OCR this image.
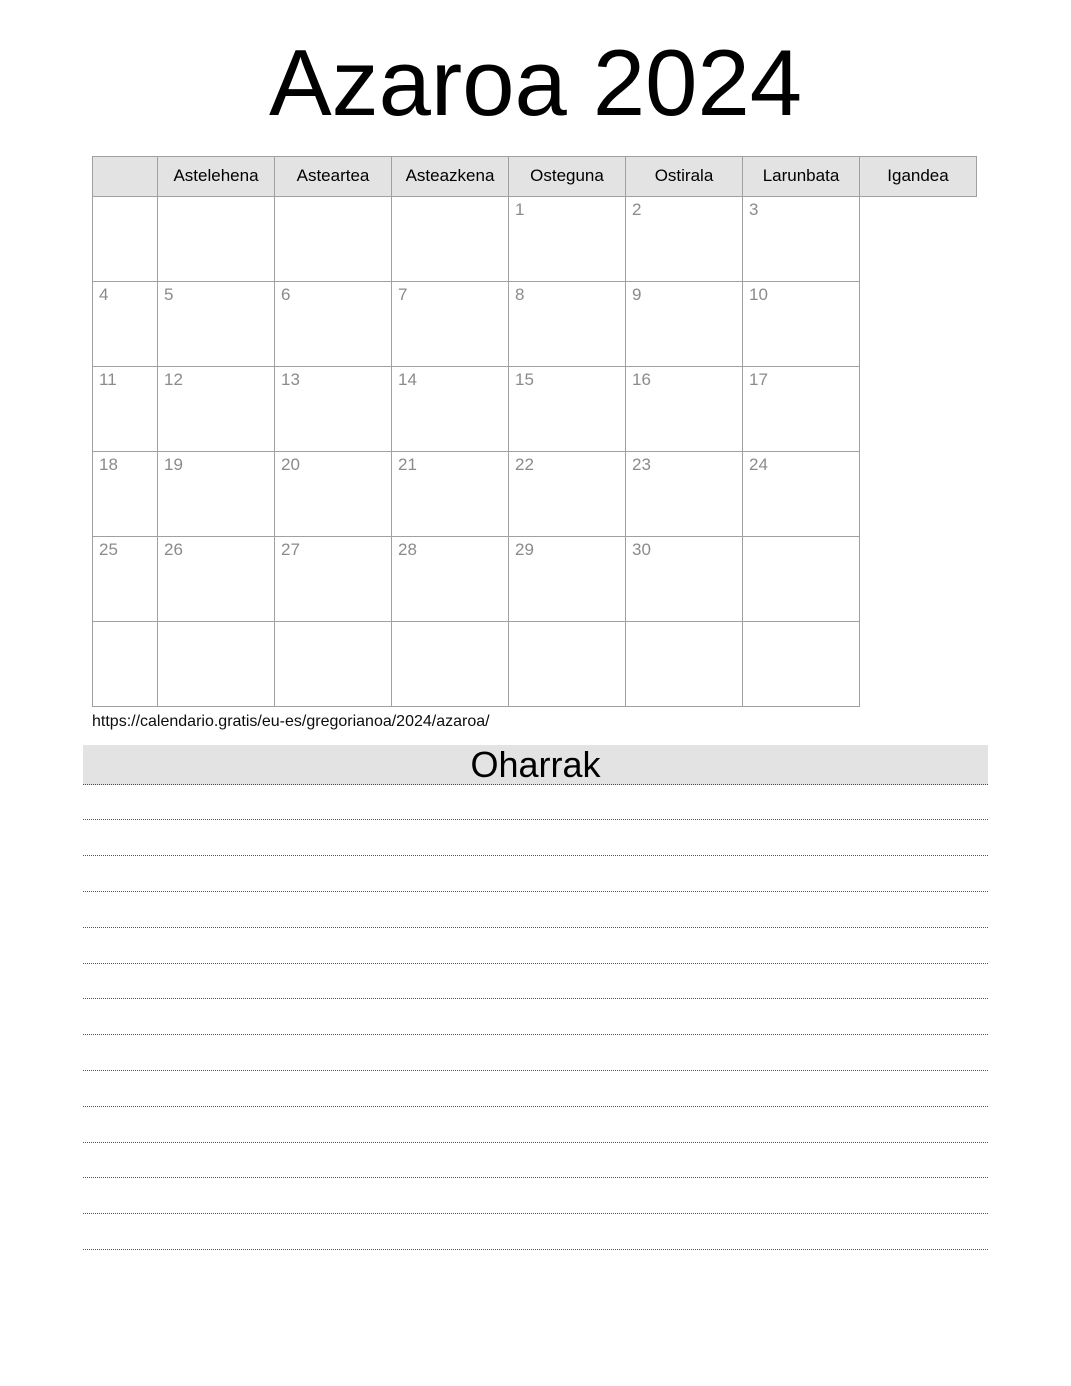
Azaroa 2024
	Astelehena	Asteartea	Asteazkena	Osteguna	Ostirala	Larunbata	Igandea
				1	2	3	
4	5	6	7	8	9	10	
11	12	13	14	15	16	17	
18	19	20	21	22	23	24	
25	26	27	28	29	30		

https://calendario.gratis/eu-es/gregorianoa/2024/azaroa/
Oharrak
